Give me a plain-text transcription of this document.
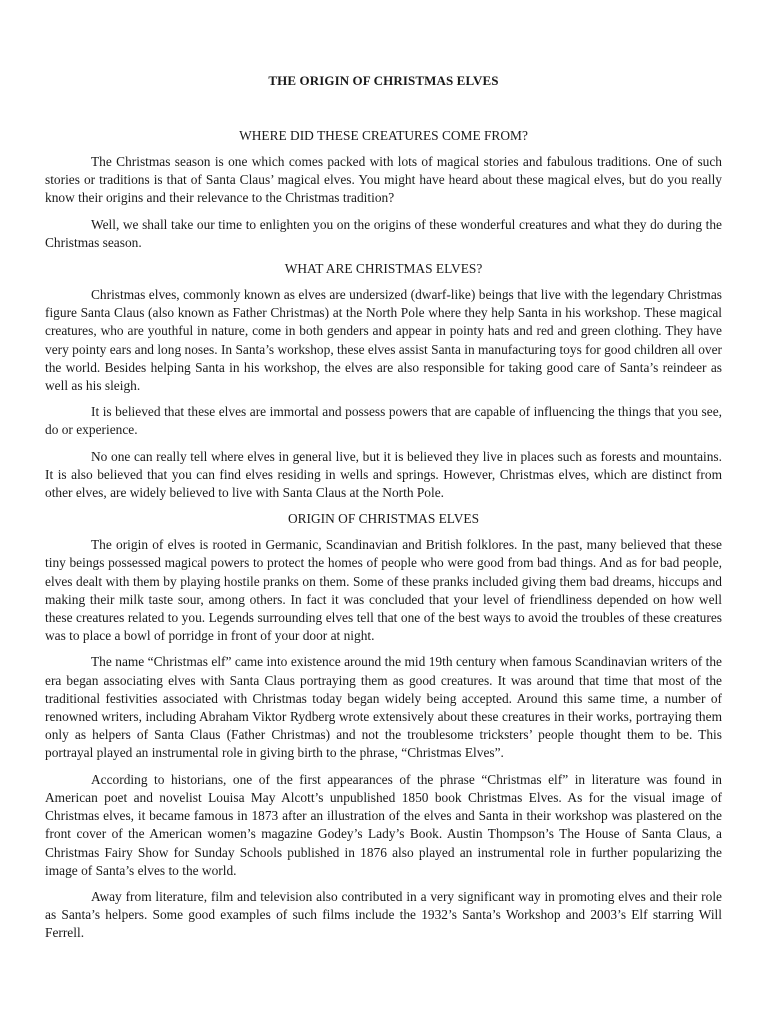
THE ORIGIN OF CHRISTMAS ELVES
WHERE DID THESE CREATURES COME FROM?

The Christmas season is one which comes packed with lots of magical stories and fabulous traditions. One of such stories or traditions is that of Santa Claus’ magical elves. You might have heard about these magical elves, but do you really know their origins and their relevance to the Christmas tradition?

Well, we shall take our time to enlighten you on the origins of these wonderful creatures and what they do during the Christmas season.

WHAT ARE CHRISTMAS ELVES?

Christmas elves, commonly known as elves are undersized (dwarf-like) beings that live with the legendary Christmas figure Santa Claus (also known as Father Christmas) at the North Pole where they help Santa in his workshop. These magical creatures, who are youthful in nature, come in both genders and appear in pointy hats and red and green clothing. They have very pointy ears and long noses. In Santa’s workshop, these elves assist Santa in manufacturing toys for good children all over the world. Besides helping Santa in his workshop, the elves are also responsible for taking good care of Santa’s reindeer as well as his sleigh.

It is believed that these elves are immortal and possess powers that are capable of influencing the things that you see, do or experience.

No one can really tell where elves in general live, but it is believed they live in places such as forests and mountains. It is also believed that you can find elves residing in wells and springs. However, Christmas elves, which are distinct from other elves, are widely believed to live with Santa Claus at the North Pole.

ORIGIN OF CHRISTMAS ELVES

The origin of elves is rooted in Germanic, Scandinavian and British folklores. In the past, many believed that these tiny beings possessed magical powers to protect the homes of people who were good from bad things. And as for bad people, elves dealt with them by playing hostile pranks on them. Some of these pranks included giving them bad dreams, hiccups and making their milk taste sour, among others. In fact it was concluded that your level of friendliness depended on how well these creatures related to you. Legends surrounding elves tell that one of the best ways to avoid the troubles of these creatures was to place a bowl of porridge in front of your door at night.

The name “Christmas elf” came into existence around the mid 19th century when famous Scandinavian writers of the era began associating elves with Santa Claus portraying them as good creatures. It was around that time that most of the traditional festivities associated with Christmas today began widely being accepted. Around this same time, a number of renowned writers, including Abraham Viktor Rydberg wrote extensively about these creatures in their works, portraying them only as helpers of Santa Claus (Father Christmas) and not the troublesome tricksters’ people thought them to be. This portrayal played an instrumental role in giving birth to the phrase, “Christmas Elves”.

According to historians, one of the first appearances of the phrase “Christmas elf” in literature was found in American poet and novelist Louisa May Alcott’s unpublished 1850 book Christmas Elves. As for the visual image of Christmas elves, it became famous in 1873 after an illustration of the elves and Santa in their workshop was plastered on the front cover of the American women’s magazine Godey’s Lady’s Book. Austin Thompson’s The House of Santa Claus, a Christmas Fairy Show for Sunday Schools published in 1876 also played an instrumental role in further popularizing the image of Santa’s elves to the world.

Away from literature, film and television also contributed in a very significant way in promoting elves and their role as Santa’s helpers. Some good examples of such films include the 1932’s Santa’s Workshop and 2003’s Elf starring Will Ferrell.
